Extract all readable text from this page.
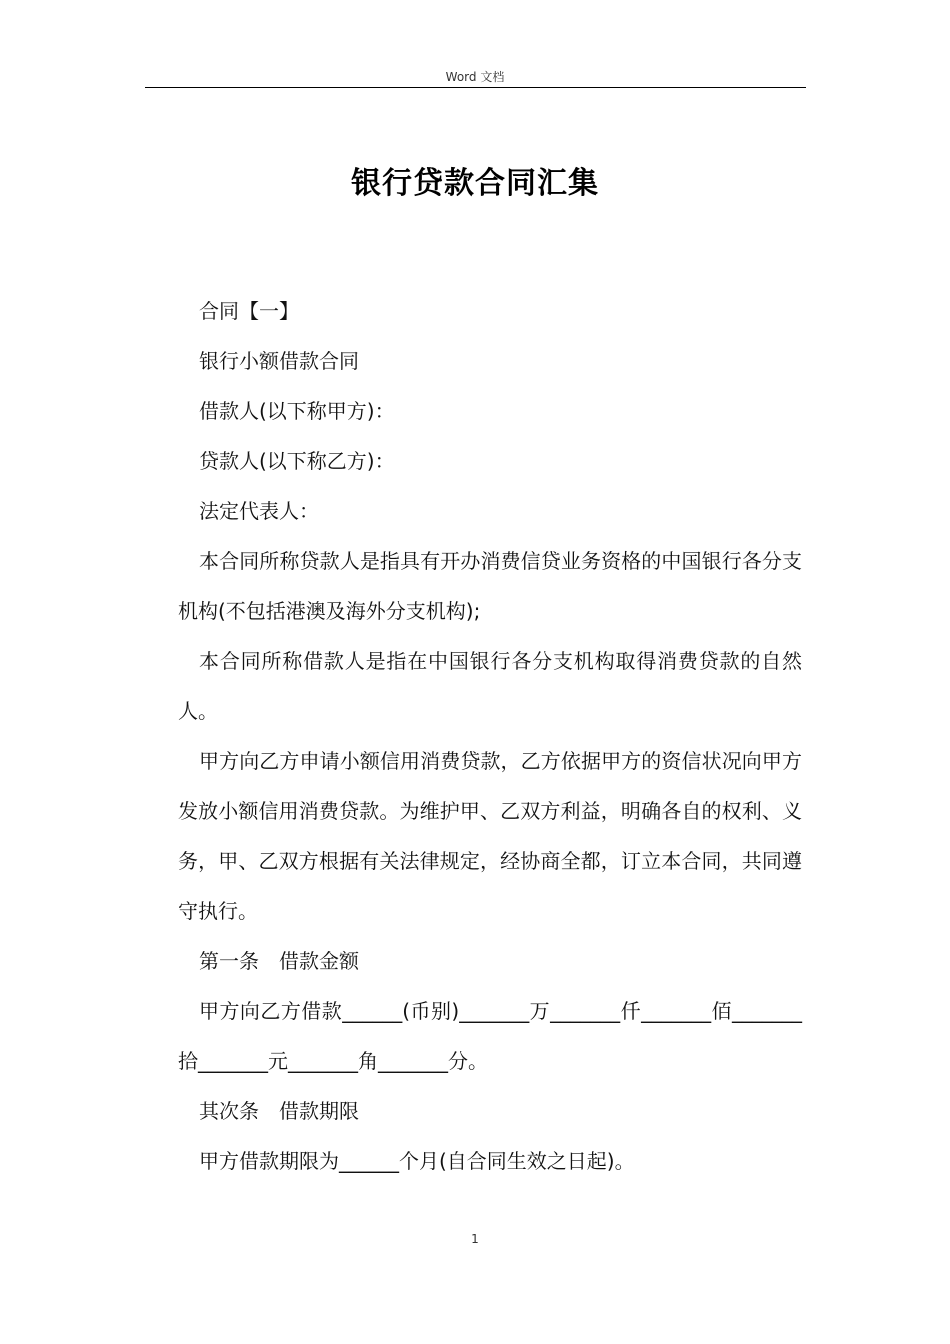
Word 文档
银行贷款合同汇集

合同【一】

银行小额借款合同

借款人(以下称甲方)：

贷款人(以下称乙方)：

法定代表人：

本合同所称贷款人是指具有开办消费信贷业务资格的中国银行各分支机构(不包括港澳及海外分支机构);

本合同所称借款人是指在中国银行各分支机构取得消费贷款的自然人。

甲方向乙方申请小额信用消费贷款，乙方依据甲方的资信状况向甲方发放小额信用消费贷款。为维护甲、乙双方利益，明确各自的权利、义务，甲、乙双方根据有关法律规定，经协商全都，订立本合同，共同遵守执行。

第一条　借款金额

甲方向乙方借款______(币别)_______万_______仟_______佰_______拾_______元_______角_______分。

其次条　借款期限

甲方借款期限为______个月(自合同生效之日起)。

1
